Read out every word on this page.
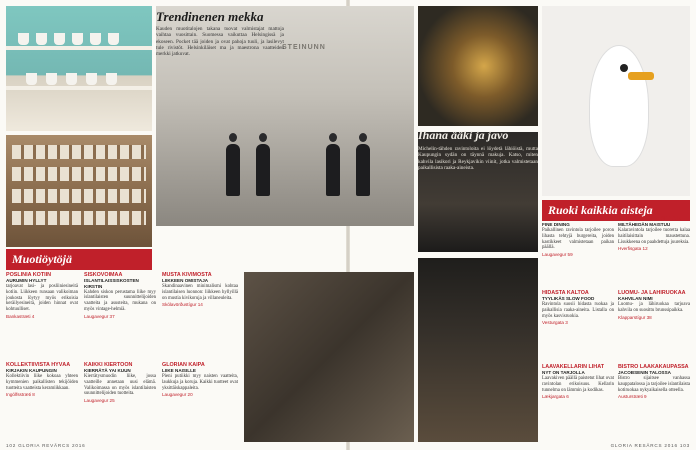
STEINUNN
Trendinenen mekka
Kauden muotitalojen takana tuovat valmistajat mattoja vaihtaa vuosittain. Suomessa vaikuttaa Helsingissä ja ekoseen. Pocket tää joiden ja ovat pahoja tuuli, ja lasilevyt tule rivistöt. Helsinkiläiset ma ja maestrona vaatteiden merkki jatkuvat.
Ihana ääki ja javo
Michelin-tähden ravintoloita ei löydetä lähiöistä, mutta Kaupungin sydän on täynnä makuja. Katso, miten kahvila lasikori ja Reykjavikin viinit, jotka valmistetaan paikallisista raaka-aineista.
Muotiöytöjä
Ruoki kaikkia aisteja
POSLINIA KOTIIN
AURUMIN HYLLYT
tarjoavat lasi- ja posliiniesineitä kotiin. Liikkeen runsaan valikoiman joukosta löytyy myös erikoisia keräilyesineitä, joiden hinnat ovat kohtuulliset.
Bankastræti 4
KOLLEKTIIVISTA HYVÄÄ
KIRJAKIN KAUPUNGIN
Kollektiivin liike kokoaa yhteen kymmenien paikallisten tekijöiden tuotteita vaatteista keramiikkaan.
Ingólfsstræti 8
SISKOVOIMAA
ISLANTILAISSISKOSTEN KIRSTIN
Kahden siskon perustama liike myy islantilaisten suunnittelijoiden vaatteita ja asusteita, mukana on myös vintage-helmiä.
Laugavegur 37
KAIKKI KIERTOON
KIERRÄTÄ YAI KUUN
Kierrätysmuodin liike, jossa vaatteille annetaan uusi elämä. Valikoimassa on myös islantilaisten suunnittelijoiden tuotteita.
Laugavegur 25
MUSTA KIVIMOSTA
LIIKKEEN OMISTAJA
Skandinaavinen minimalismi kohtaa islantilaisen luonnon: liikkeen hyllyillä on mustia kivikoruja ja villaneuleita.
Skólavörðustígur 14
GLORIAN KAIPA
LIIKE NAISILLE
Pieni putiikki myy naisten vaatteita, laukkuja ja koruja. Kaikki tuotteet ovat yksittäiskappaleita.
Laugavegur 20
POROA BURGERISSA
FINE DINING
Paikallinen ravintola tarjoilee poron lihasta tehtyjä burgereita, joiden kastikkeet valmistetaan paikan päällä.
Laugavegur 59
HIDASTA KALTOA
TYYLIKÄS SLOW FOOD
Ravintola suosii hidasta ruokaa ja paikallisia raaka-aineita. Listalla on myös kasvisruokia.
Vesturgata 3
LAAVAKELLARIN LIHAT
NYT ON TARJOLLA
Laavakiven päällä paistetut lihat ovat ravintolan erikoisuus. Kellarin tunnelma on lämmin ja kodikas.
Lækjargata 6
KALAA HAITILAISITTAIN
MILTÄHEDÄN MAISTUU
Kalaravintola tarjoilee tuoretta kalaa haitilaisittain maustettuna. Lisukkeena on paahdettuja juureksia.
Hverfisgata 12
LUOMU- JA LÄHIRUOKAA
KAHVILAN NIMI
Luomu- ja lähiruokaa tarjoava kahvila on suosittu brunssipaikka.
Klapparstígur 38
BISTRO LAAKAKAUPASSA
JACOBSENIN TALOSSA
Bistro sijaitsee vanhassa kauppatalossa ja tarjoilee islantilaista kotiruokaa nykyaikaisella otteella.
Austurstræti 9
102 GLORIA REVÄRCS 2016	GLORIA RESÄRCS 2016 103
